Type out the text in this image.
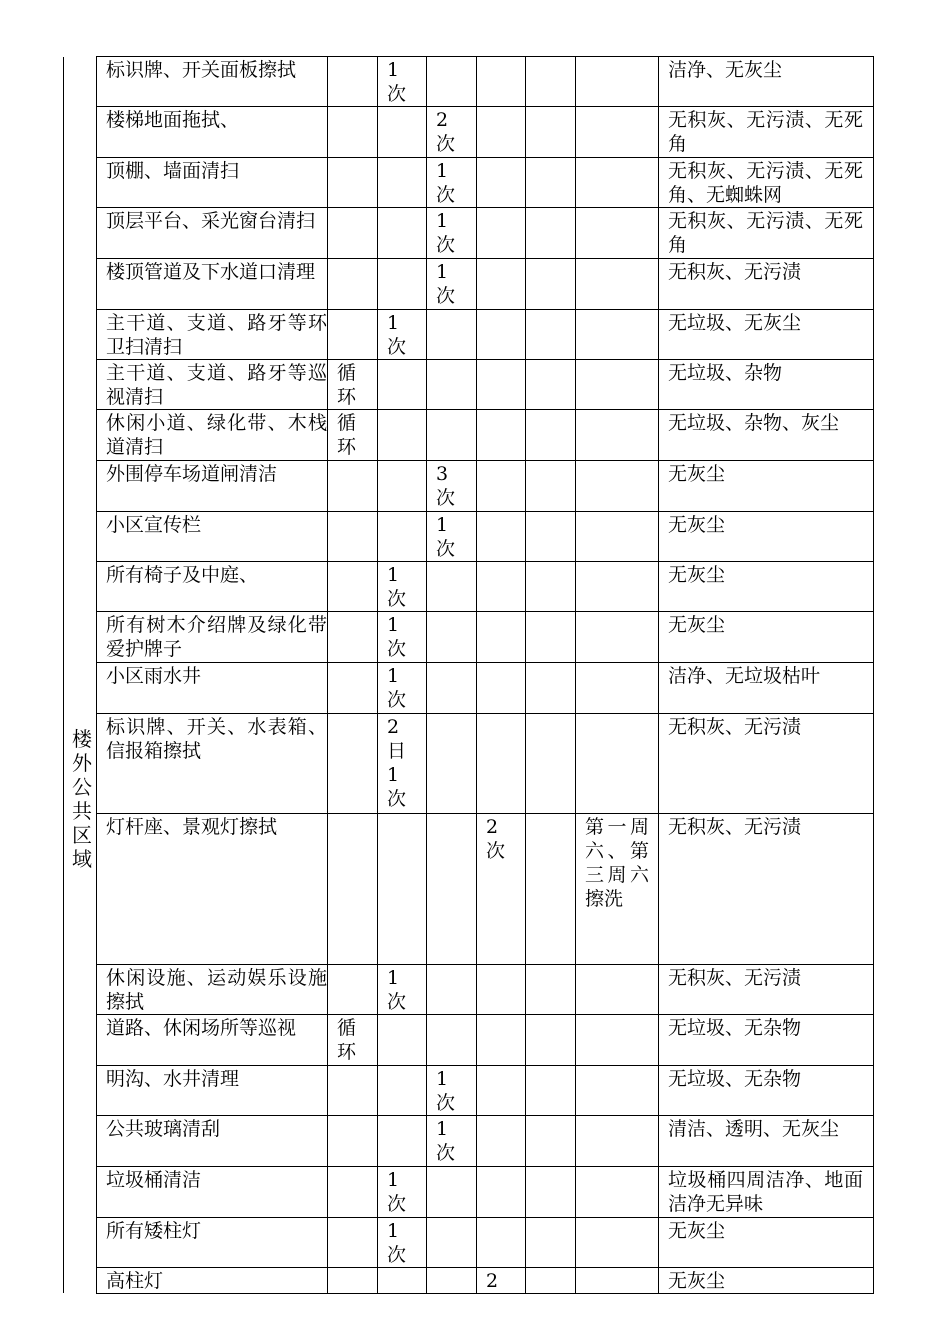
楼
外
公
共
区
域
标识牌、开关面板擦拭		1次					洁净、无灰尘
楼梯地面拖拭、			2次				无积灰、无污渍、无死角
顶棚、墙面清扫			1次				无积灰、无污渍、无死角、无蜘蛛网
顶层平台、采光窗台清扫			1次				无积灰、无污渍、无死角
楼顶管道及下水道口清理			1次				无积灰、无污渍
主干道、支道、路牙等环卫扫清扫		1次					无垃圾、无灰尘
主干道、支道、路牙等巡视清扫	循环						无垃圾、杂物
休闲小道、绿化带、木栈道清扫	循环						无垃圾、杂物、灰尘
外围停车场道闸清洁			3次				无灰尘
小区宣传栏			1次				无灰尘
所有椅子及中庭、		1次					无灰尘
所有树木介绍牌及绿化带爱护牌子		1次					无灰尘
小区雨水井		1次					洁净、无垃圾枯叶
标识牌、开关、水表箱、信报箱擦拭		2日1次					无积灰、无污渍
灯杆座、景观灯擦拭				2次		第一周六、第三周六擦洗	无积灰、无污渍
休闲设施、运动娱乐设施擦拭		1次					无积灰、无污渍
道路、休闲场所等巡视	循环						无垃圾、无杂物
明沟、水井清理			1次				无垃圾、无杂物
公共玻璃清刮			1次				清洁、透明、无灰尘
垃圾桶清洁		1次					垃圾桶四周洁净、地面洁净无异味
所有矮柱灯		1次					无灰尘
高柱灯				2			无灰尘
